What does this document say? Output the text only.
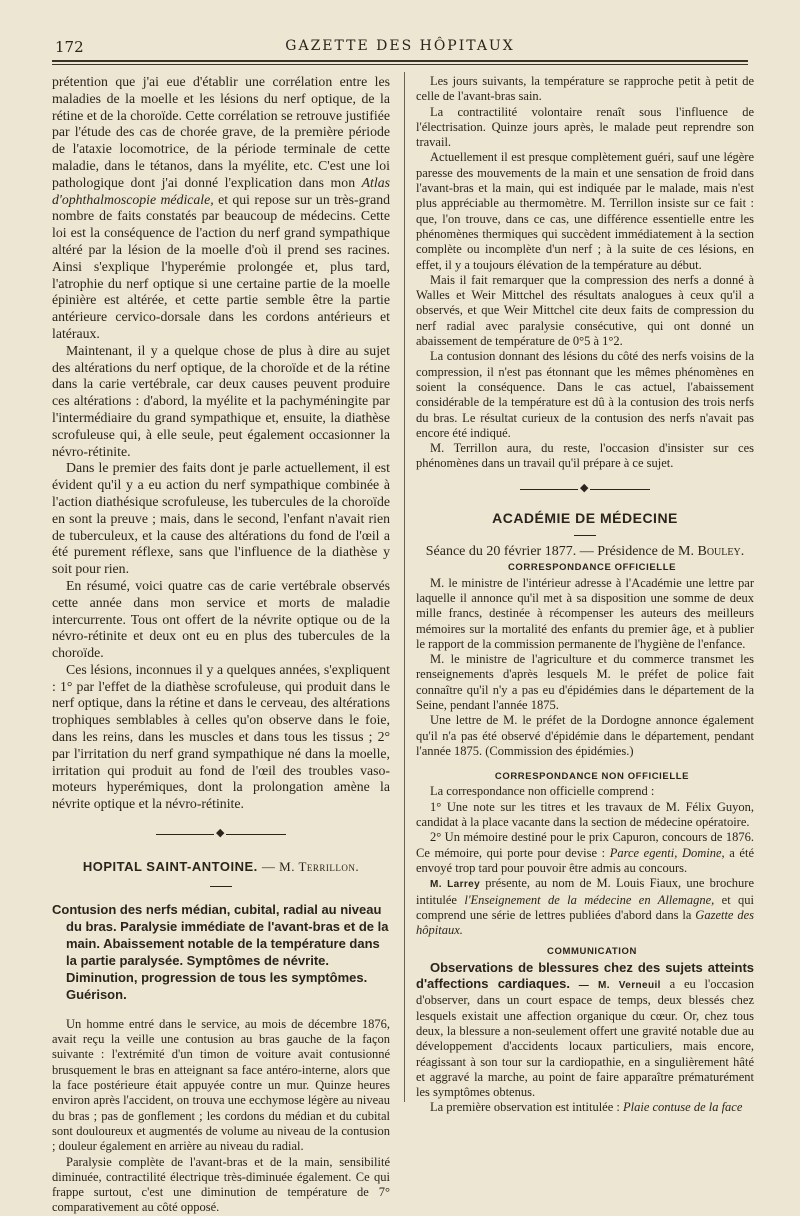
172	GAZETTE DES HÔPITAUX

prétention que j'ai eue d'établir une corrélation entre les maladies de la moelle et les lésions du nerf optique, de la rétine et de la choroïde. Cette corrélation se retrouve justifiée par l'étude des cas de chorée grave, de la première période de l'ataxie locomotrice, de la période terminale de cette maladie, dans le tétanos, dans la myélite, etc. C'est une loi pathologique dont j'ai donné l'explication dans mon Atlas d'ophthalmoscopie médicale, et qui repose sur un très-grand nombre de faits constatés par beaucoup de médecins. Cette loi est la conséquence de l'action du nerf grand sympathique altéré par la lésion de la moelle d'où il prend ses racines. Ainsi s'explique l'hyperémie prolongée et, plus tard, l'atrophie du nerf optique si une certaine partie de la moelle épinière est altérée, et cette partie semble être la partie antérieure cervico-dorsale dans les cordons antérieurs et latéraux.

Maintenant, il y a quelque chose de plus à dire au sujet des altérations du nerf optique, de la choroïde et de la rétine dans la carie vertébrale, car deux causes peuvent produire ces altérations : d'abord, la myélite et la pachyméningite par l'intermédiaire du grand sympathique et, ensuite, la diathèse scrofuleuse qui, à elle seule, peut également occasionner la névro-rétinite.

Dans le premier des faits dont je parle actuellement, il est évident qu'il y a eu action du nerf sympathique combinée à l'action diathésique scrofuleuse, les tubercules de la choroïde en sont la preuve ; mais, dans le second, l'enfant n'avait rien de tuberculeux, et la cause des altérations du fond de l'œil a été purement réflexe, sans que l'influence de la diathèse y soit pour rien.

En résumé, voici quatre cas de carie vertébrale observés cette année dans mon service et morts de maladie intercurrente. Tous ont offert de la névrite optique ou de la névro-rétinite et deux ont eu en plus des tubercules de la choroïde.

Ces lésions, inconnues il y a quelques années, s'expliquent : 1° par l'effet de la diathèse scrofuleuse, qui produit dans le nerf optique, dans la rétine et dans le cerveau, des altérations trophiques semblables à celles qu'on observe dans le foie, dans les reins, dans les muscles et dans tous les tissus ; 2° par l'irritation du nerf grand sympathique né dans la moelle, irritation qui produit au fond de l'œil des troubles vaso-moteurs hyperémiques, dont la prolongation amène la névrite optique et la névro-rétinite.

◆

HOPITAL SAINT-ANTOINE. — M. Terrillon.

Contusion des nerfs médian, cubital, radial au niveau du bras. Paralysie immédiate de l'avant-bras et de la main. Abaissement notable de la température dans la partie paralysée. Symptômes de névrite. Diminution, progression de tous les symptômes. Guérison.

Un homme entré dans le service, au mois de décembre 1876, avait reçu la veille une contusion au bras gauche de la façon suivante : l'extrémité d'un timon de voiture avait contusionné brusquement le bras en atteignant sa face antéro-interne, alors que la face postérieure était appuyée contre un mur. Quinze heures environ après l'accident, on trouva une ecchymose légère au niveau du bras ; pas de gonflement ; les cordons du médian et du cubital sont douloureux et augmentés de volume au niveau de la contusion ; douleur également en arrière au niveau du radial.

Paralysie complète de l'avant-bras et de la main, sensibilité diminuée, contractilité électrique très-diminuée également. Ce qui frappe surtout, c'est une diminution de température de 7° comparativement au côté opposé.

Les jours suivants, la température se rapproche petit à petit de celle de l'avant-bras sain.

La contractilité volontaire renaît sous l'influence de l'électrisation. Quinze jours après, le malade peut reprendre son travail.

Actuellement il est presque complètement guéri, sauf une légère paresse des mouvements de la main et une sensation de froid dans l'avant-bras et la main, qui est indiquée par le malade, mais n'est plus appréciable au thermomètre. M. Terrillon insiste sur ce fait : que, l'on trouve, dans ce cas, une différence essentielle entre les phénomènes thermiques qui succèdent immédiatement à la section complète ou incomplète d'un nerf ; à la suite de ces lésions, en effet, il y a toujours élévation de la température au début.

Mais il fait remarquer que la compression des nerfs a donné à Walles et Weir Mittchel des résultats analogues à ceux qu'il a observés, et que Weir Mittchel cite deux faits de compression du nerf radial avec paralysie consécutive, qui ont donné un abaissement de température de 0°5 à 1°2.

La contusion donnant des lésions du côté des nerfs voisins de la compression, il n'est pas étonnant que les mêmes phénomènes en soient la conséquence. Dans le cas actuel, l'abaissement considérable de la température est dû à la contusion des trois nerfs du bras. Le résultat curieux de la contusion des nerfs n'avait pas encore été indiqué.

M. Terrillon aura, du reste, l'occasion d'insister sur ces phénomènes dans un travail qu'il prépare à ce sujet.

◆

ACADÉMIE DE MÉDECINE

Séance du 20 février 1877. — Présidence de M. Bouley.

CORRESPONDANCE OFFICIELLE

M. le ministre de l'intérieur adresse à l'Académie une lettre par laquelle il annonce qu'il met à sa disposition une somme de deux mille francs, destinée à récompenser les auteurs des meilleurs mémoires sur la mortalité des enfants du premier âge, et à publier le rapport de la commission permanente de l'hygiène de l'enfance.

M. le ministre de l'agriculture et du commerce transmet les renseignements d'après lesquels M. le préfet de police fait connaître qu'il n'y a pas eu d'épidémies dans le département de la Seine, pendant l'année 1875.

Une lettre de M. le préfet de la Dordogne annonce également qu'il n'a pas été observé d'épidémie dans le département, pendant l'année 1875. (Commission des épidémies.)

CORRESPONDANCE NON OFFICIELLE

La correspondance non officielle comprend :

1° Une note sur les titres et les travaux de M. Félix Guyon, candidat à la place vacante dans la section de médecine opératoire.

2° Un mémoire destiné pour le prix Capuron, concours de 1876. Ce mémoire, qui porte pour devise : Parce egenti, Domine, a été envoyé trop tard pour pouvoir être admis au concours.

M. Larrey présente, au nom de M. Louis Fiaux, une brochure intitulée l'Enseignement de la médecine en Allemagne, et qui comprend une série de lettres publiées d'abord dans la Gazette des hôpitaux.

COMMUNICATION

Observations de blessures chez des sujets atteints d'affections cardiaques. — M. Verneuil a eu l'occasion d'observer, dans un court espace de temps, deux blessés chez lesquels existait une affection organique du cœur. Or, chez tous deux, la blessure a non-seulement offert une gravité notable due au développement d'accidents locaux particuliers, mais encore, réagissant à son tour sur la cardiopathie, en a singulièrement hâté et aggravé la marche, au point de faire apparaître prématurément les symptômes obtenus.

La première observation est intitulée : Plaie contuse de la face
